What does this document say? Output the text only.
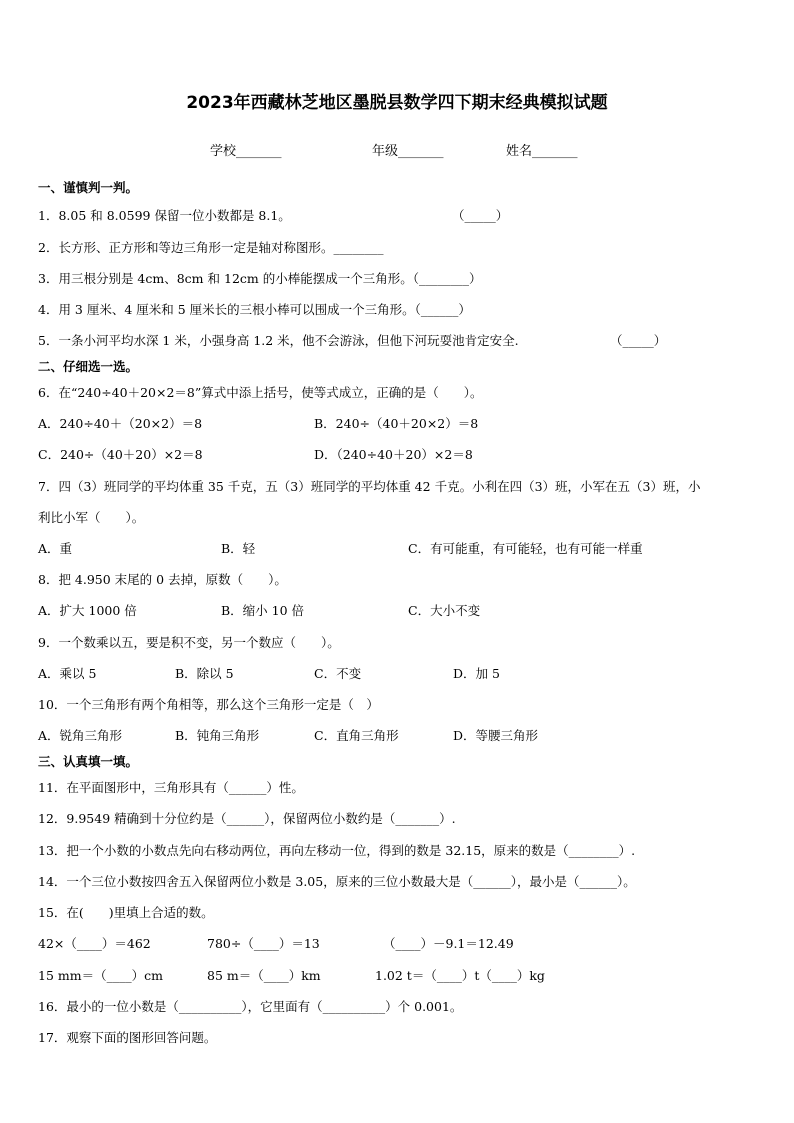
2023年西藏林芝地区墨脱县数学四下期末经典模拟试题
学校_______	年级_______	姓名_______
一、谨慎判一判。
1．8.05 和 8.0599 保留一位小数都是 8.1。	（_____）
2．长方形、正方形和等边三角形一定是轴对称图形。________
3．用三根分别是 4cm、8cm 和 12cm 的小棒能摆成一个三角形。（________）
4．用 3 厘米、4 厘米和 5 厘米长的三根小棒可以围成一个三角形。（______）
5．一条小河平均水深 1 米，小强身高 1.2 米，他不会游泳，但他下河玩耍池肯定安全.	（_____）
二、仔细选一选。
6．在“240÷40＋20×2＝8”算式中添上括号，使等式成立，正确的是（　　）。
A．240÷40＋（20×2）＝8	B．240÷（40＋20×2）＝8
C．240÷（40＋20）×2＝8	D．（240÷40＋20）×2＝8
7．四（3）班同学的平均体重 35 千克，五（3）班同学的平均体重 42 千克。小利在四（3）班，小军在五（3）班，小
利比小军（　　）。
A．重	B．轻	C．有可能重，有可能轻，也有可能一样重
8．把 4.950 末尾的 0 去掉，原数（　　）。
A．扩大 1000 倍	B．缩小 10 倍	C．大小不变
9．一个数乘以五，要是积不变，另一个数应（　　）。
A．乘以 5	B．除以 5	C．不变	D．加 5
10．一个三角形有两个角相等，那么这个三角形一定是（　）
A．锐角三角形	B．钝角三角形	C．直角三角形	D．等腰三角形
三、认真填一填。
11．在平面图形中，三角形具有（______）性。
12．9.9549 精确到十分位约是（______），保留两位小数约是（_______）.
13．把一个小数的小数点先向右移动两位，再向左移动一位，得到的数是 32.15，原来的数是（________）.
14．一个三位小数按四舍五入保留两位小数是 3.05，原来的三位小数最大是（______），最小是（______）。
15．在(　　)里填上合适的数。
42×（____）＝462	780÷（____）＝13	（____）－9.1＝12.49
15 mm＝（____）cm	85 m＝（____）km	1.02 t＝（____）t（____）kg
16．最小的一位小数是（__________），它里面有（__________）个 0.001。
17．观察下面的图形回答问题。
